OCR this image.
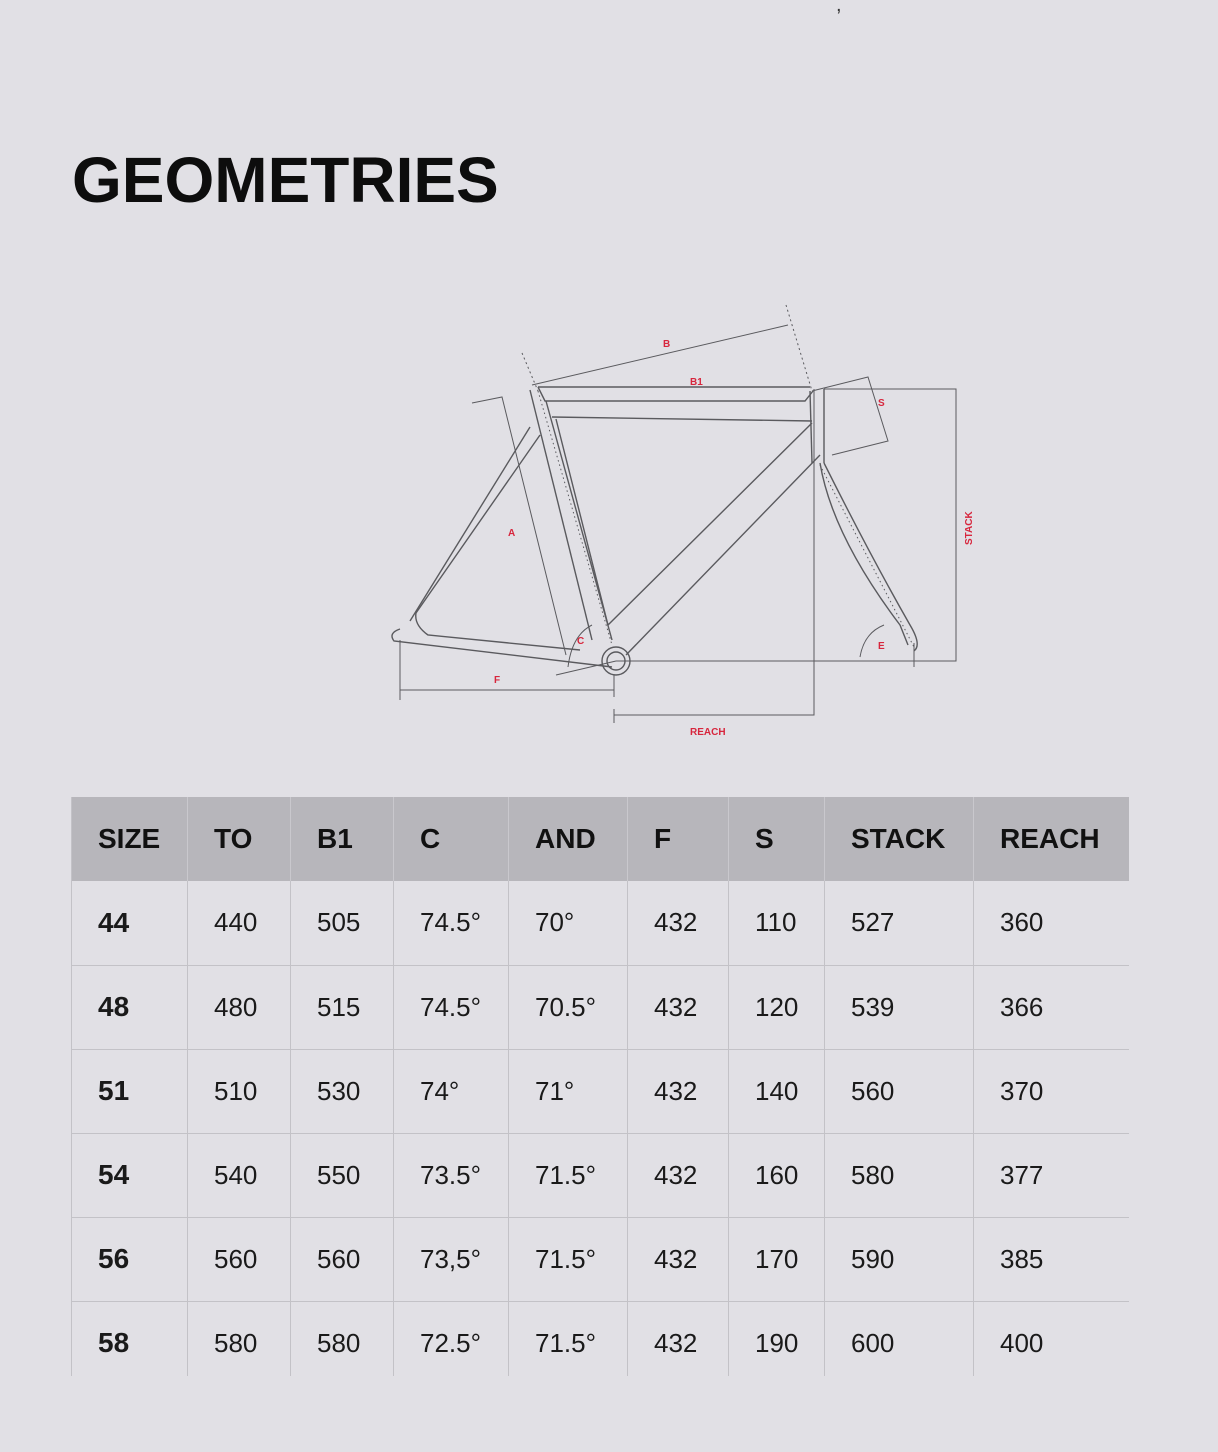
,
GEOMETRIES
B
B1
S
A
C	E
F
REACH
STACK
SIZE	TO	B1	C	AND	F	S	STACK	REACH
44	440	505	74.5°	70°	432	110	527	360
48	480	515	74.5°	70.5°	432	120	539	366
51	510	530	74°	71°	432	140	560	370
54	540	550	73.5°	71.5°	432	160	580	377
56	560	560	73,5°	71.5°	432	170	590	385
58	580	580	72.5°	71.5°	432	190	600	400
